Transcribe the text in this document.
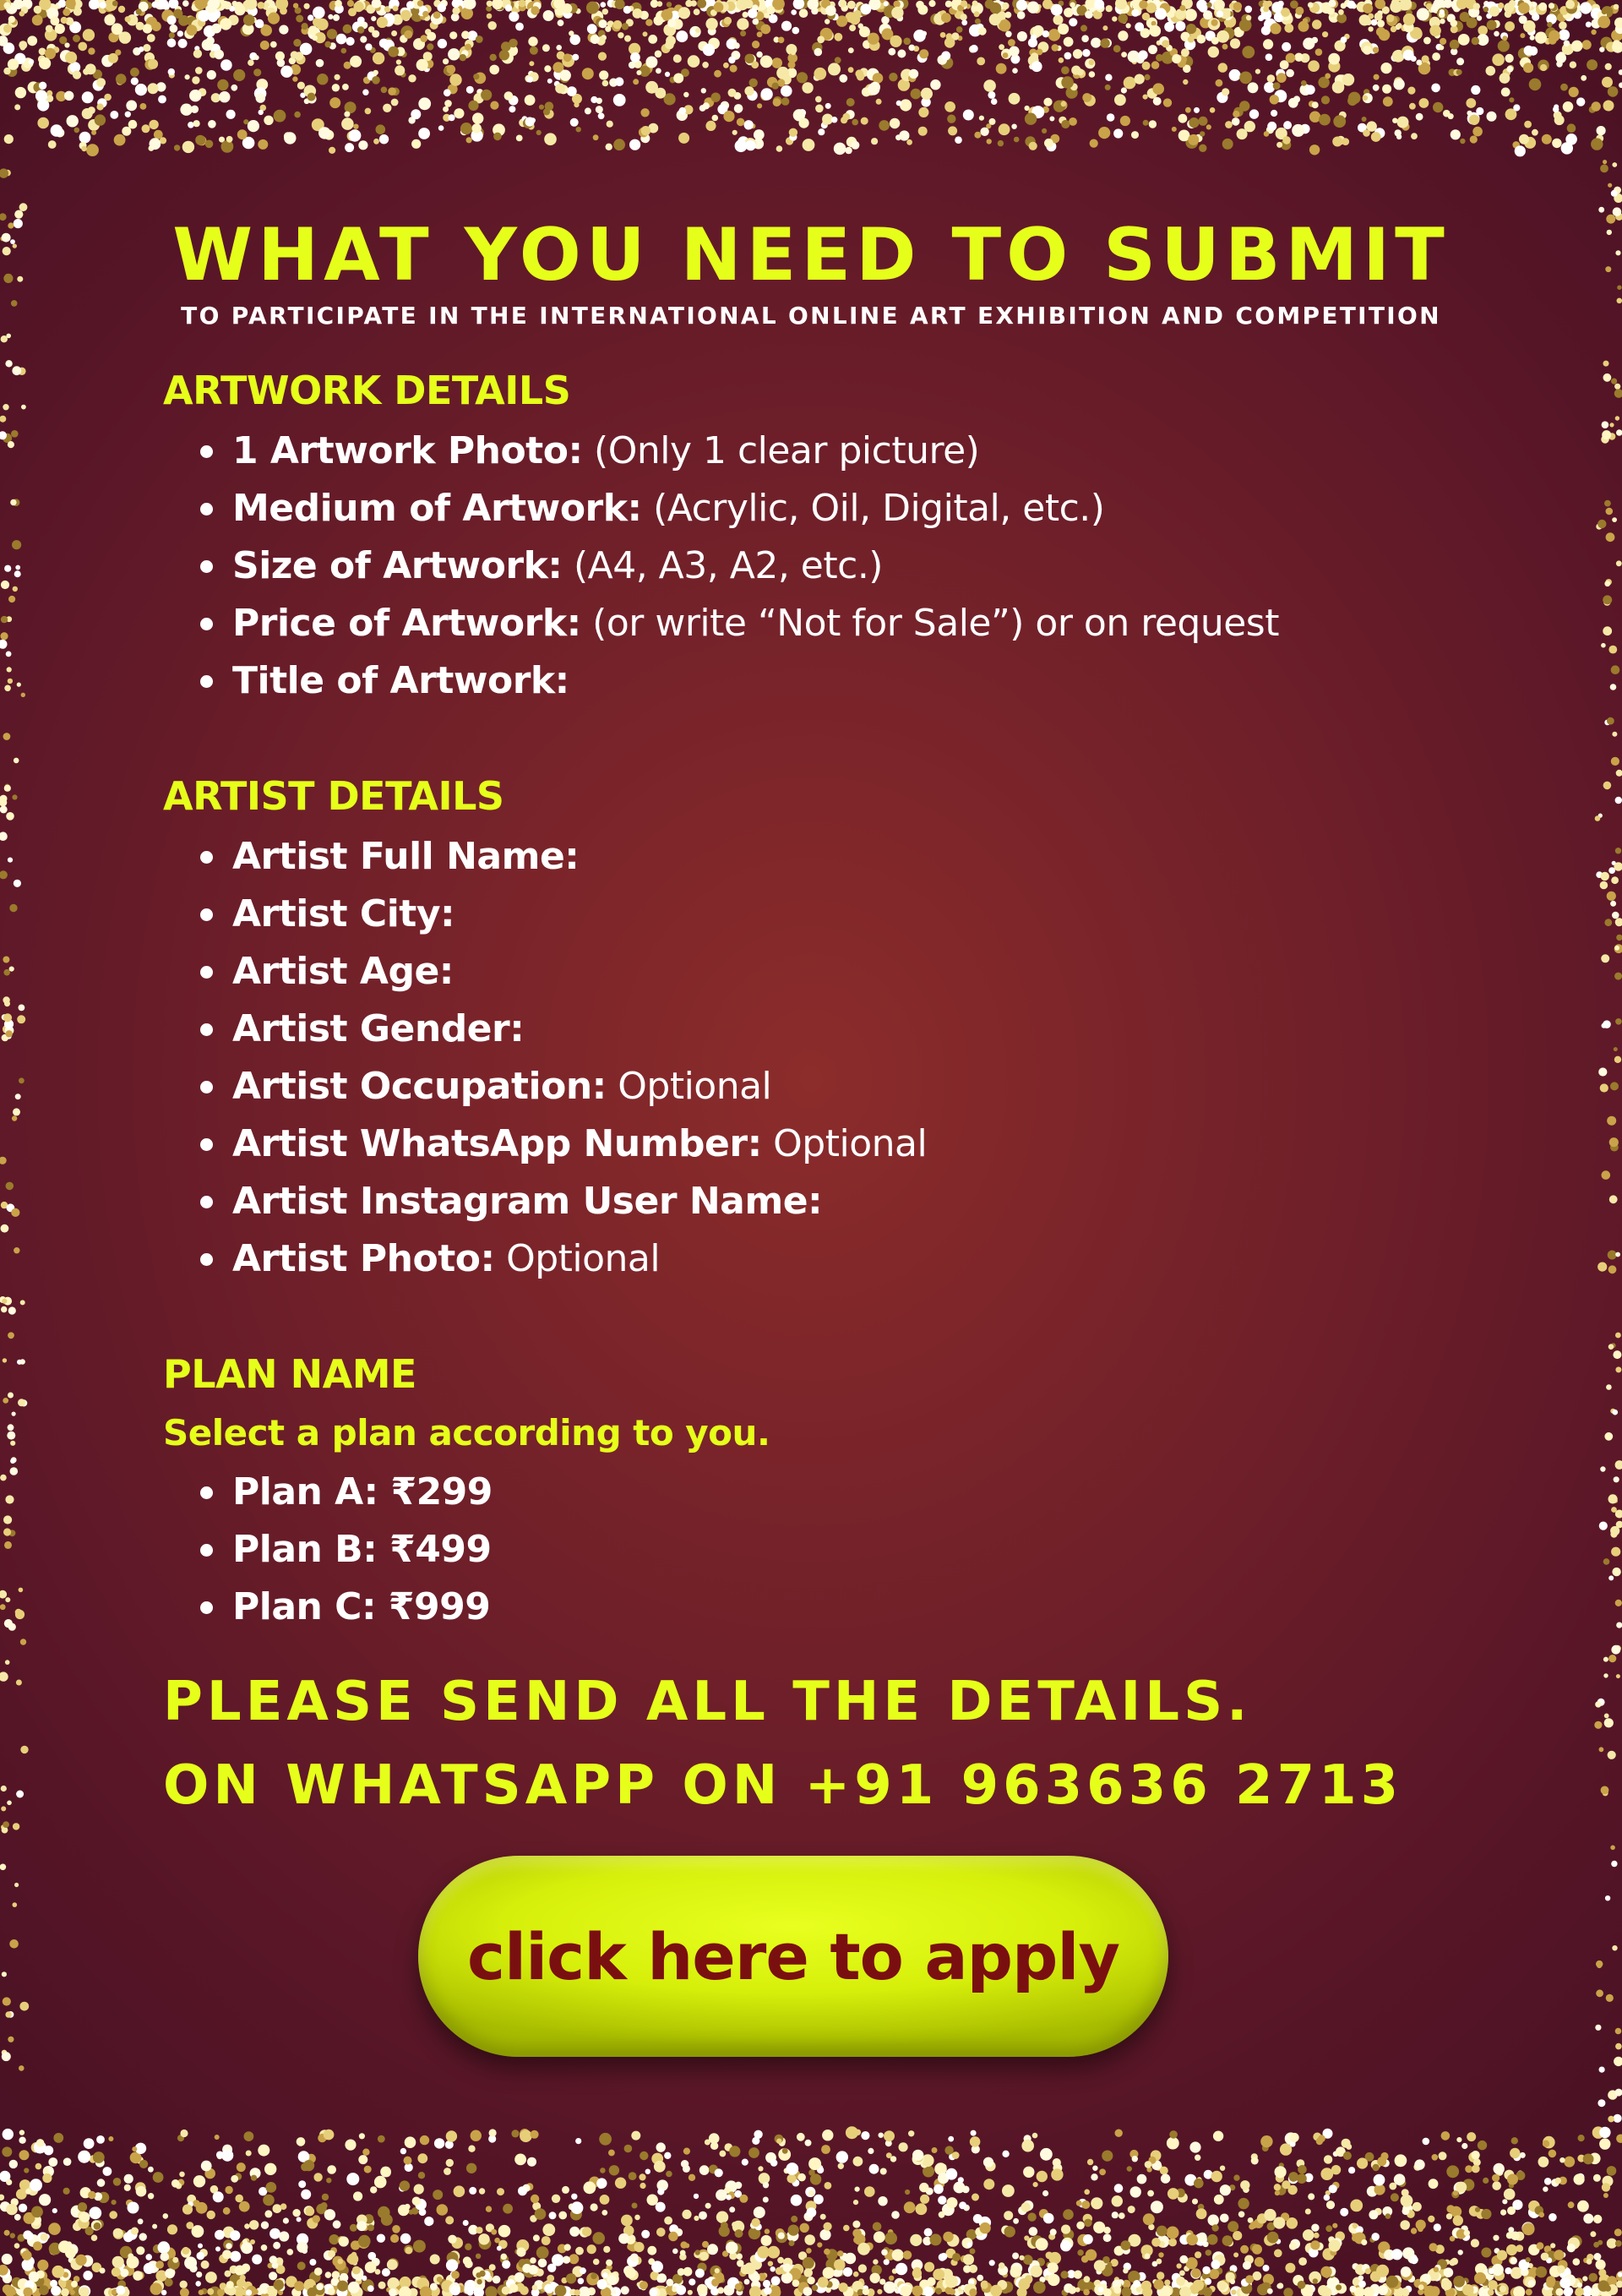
WHAT YOU NEED TO SUBMIT

TO PARTICIPATE IN THE INTERNATIONAL ONLINE ART EXHIBITION AND COMPETITION

ARTWORK DETAILS
1 Artwork Photo: (Only 1 clear picture)
Medium of Artwork: (Acrylic, Oil, Digital, etc.)
Size of Artwork: (A4, A3, A2, etc.)
Price of Artwork: (or write “Not for Sale”) or on request
Title of Artwork:
ARTIST DETAILS
Artist Full Name:
Artist City:
Artist Age:
Artist Gender:
Artist Occupation: Optional
Artist WhatsApp Number: Optional
Artist Instagram User Name:
Artist Photo: Optional
PLAN NAME

Select a plan according to you.

Plan A: ₹299
Plan B: ₹499
Plan C: ₹999

PLEASE SEND ALL THE DETAILS.

ON WHATSAPP ON +91 963636 2713

click here to apply
